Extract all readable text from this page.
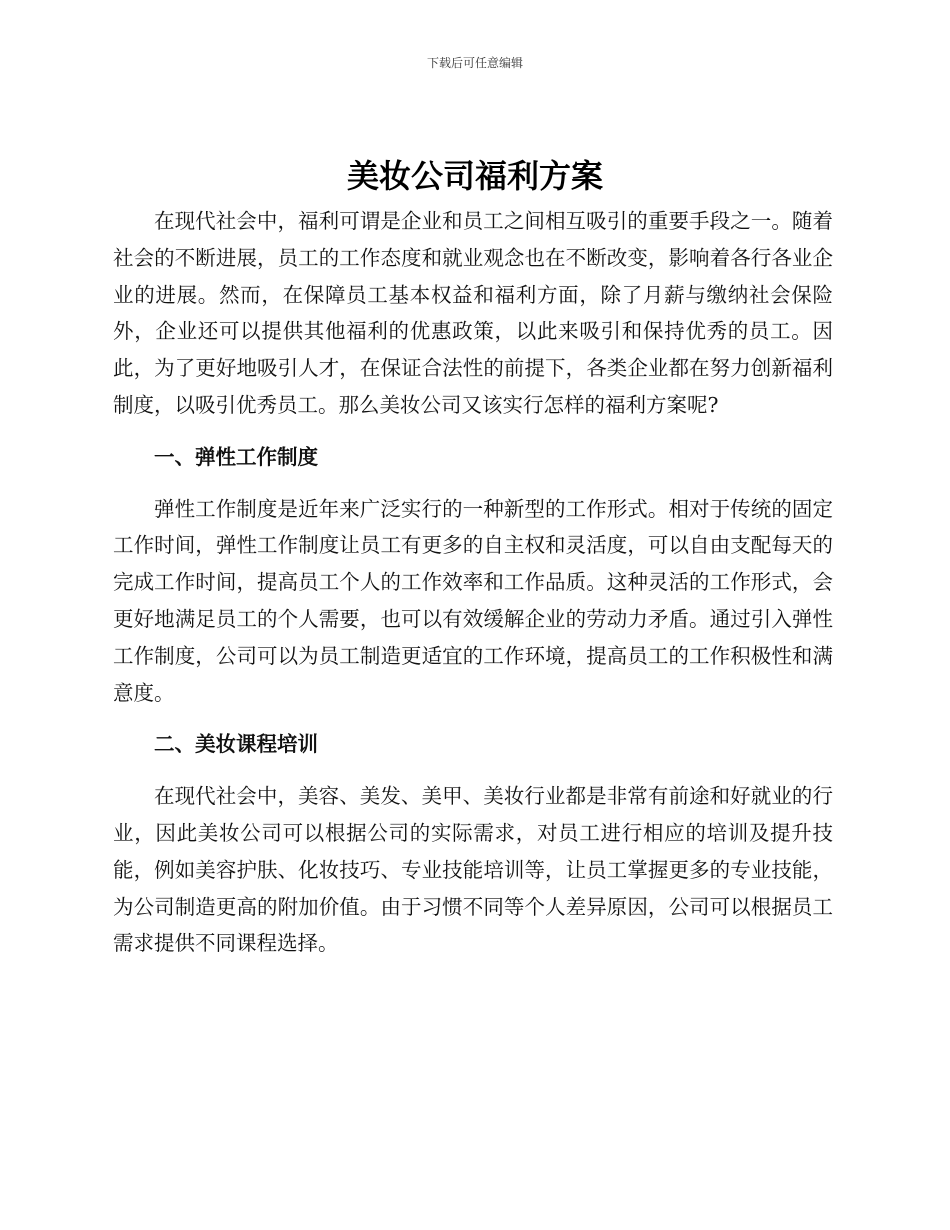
下载后可任意编辑
美妆公司福利方案

在现代社会中，福利可谓是企业和员工之间相互吸引的重要手段之一。随着社会的不断进展，员工的工作态度和就业观念也在不断改变，影响着各行各业企业的进展。然而，在保障员工基本权益和福利方面，除了月薪与缴纳社会保险外，企业还可以提供其他福利的优惠政策，以此来吸引和保持优秀的员工。因此，为了更好地吸引人才，在保证合法性的前提下，各类企业都在努力创新福利制度，以吸引优秀员工。那么美妆公司又该实行怎样的福利方案呢?

一、弹性工作制度

弹性工作制度是近年来广泛实行的一种新型的工作形式。相对于传统的固定工作时间，弹性工作制度让员工有更多的自主权和灵活度，可以自由支配每天的完成工作时间，提高员工个人的工作效率和工作品质。这种灵活的工作形式，会更好地满足员工的个人需要，也可以有效缓解企业的劳动力矛盾。通过引入弹性工作制度，公司可以为员工制造更适宜的工作环境，提高员工的工作积极性和满意度。

二、美妆课程培训

在现代社会中，美容、美发、美甲、美妆行业都是非常有前途和好就业的行业，因此美妆公司可以根据公司的实际需求，对员工进行相应的培训及提升技能，例如美容护肤、化妆技巧、专业技能培训等，让员工掌握更多的专业技能，为公司制造更高的附加价值。由于习惯不同等个人差异原因，公司可以根据员工需求提供不同课程选择。
